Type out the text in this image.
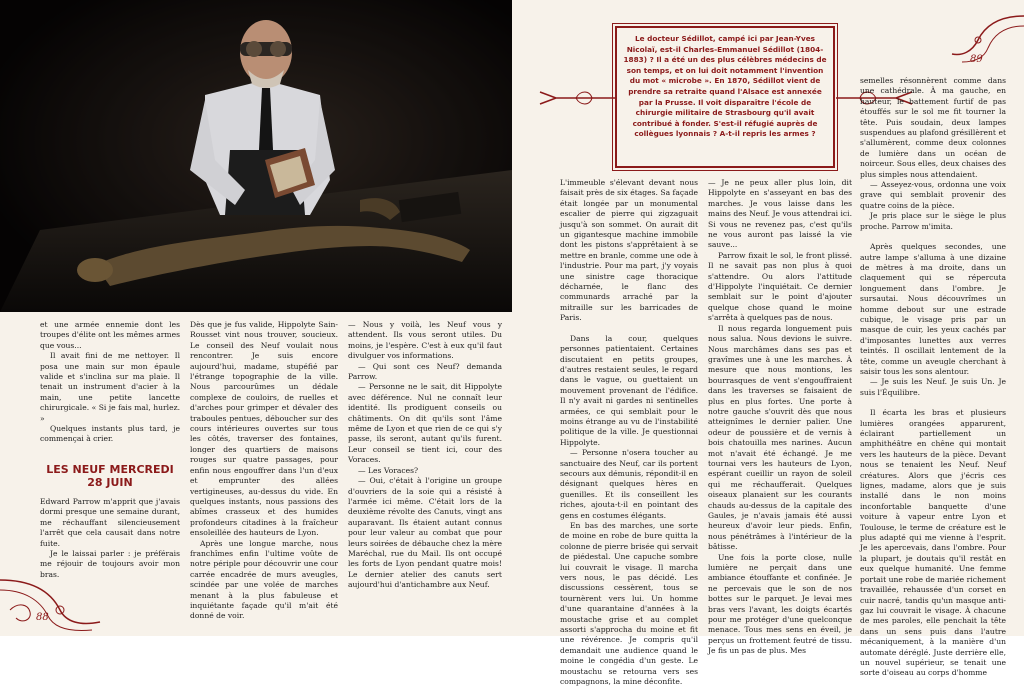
et une armée ennemie dont les troupes d'élite ont les mêmes armes que vous...

Il avait fini de me nettoyer. Il posa une main sur mon épaule valide et s'inclina sur ma plaie. Il tenait un instrument d'acier à la main, une petite lancette chirurgicale. « Si je fais mal, hurlez. »

Quelques instants plus tard, je commençai à crier.

LES NEUF MERCREDI 28 JUIN

Edward Parrow m'apprit que j'avais dormi presque une semaine durant, me réchauffant silencieusement l'arrêt que cela causait dans notre fuite.

Je le laissai parler : je préférais me réjouir de toujours avoir mon bras.

Dès que je fus valide, Hippolyte Sain-Rousset vint nous trouver, soucieux. Le conseil des Neuf voulait nous rencontrer. Je suis encore aujourd'hui, madame, stupéfié par l'étrange topographie de la ville. Nous parcourûmes un dédale complexe de couloirs, de ruelles et d'arches pour grimper et dévaler des traboules pentues, déboucher sur des cours intérieures ouvertes sur tous les côtés, traverser des fontaines, longer des quartiers de maisons rouges sur quatre passages, pour enfin nous engouffrer dans l'un d'eux et emprunter des allées vertigineuses, au-dessus du vide. En quelques instants, nous passions des abîmes crasseux et des humides profondeurs citadines à la fraîcheur ensoleillée des hauteurs de Lyon.

Après une longue marche, nous franchîmes enfin l'ultime voûte de notre périple pour découvrir une cour carrée encadrée de murs aveugles, scindée par une volée de marches menant à la plus fabuleuse et inquiétante façade qu'il m'ait été donné de voir.

— Nous y voilà, les Neuf vous y attendent. Ils vous seront utiles. Du moins, je l'espère. C'est à eux qu'il faut divulguer vos informations.

— Qui sont ces Neuf? demanda Parrow.

— Personne ne le sait, dit Hippolyte avec déférence. Nul ne connaît leur identité. Ils prodiguent conseils ou châtiments. On dit qu'ils sont l'âme même de Lyon et que rien de ce qui s'y passe, ils seront, autant qu'ils furent. Leur conseil se tient ici, cour des Voraces.

— Les Voraces?

— Oui, c'était à l'origine un groupe d'ouvriers de la soie qui a résisté à l'armée ici même. C'était lors de la deuxième révolte des Canuts, vingt ans auparavant. Ils étaient autant connus pour leur valeur au combat que pour leurs soirées de débauche chez la mère Maréchal, rue du Mail. Ils ont occupé les forts de Lyon pendant quatre mois! Le dernier atelier des canuts sert aujourd'hui d'antichambre aux Neuf.

88
89
Le docteur Sédillot, campé ici par Jean-Yves Nicolaï, est-il Charles-Emmanuel Sédillot (1804-1883) ? Il a été un des plus célèbres médecins de son temps, et on lui doit notamment l'invention du mot « microbe ». En 1870, Sédillot vient de prendre sa retraite quand l'Alsace est annexée par la Prusse. Il voit disparaître l'école de chirurgie militaire de Strasbourg qu'il avait contribué à fonder. S'est-il réfugié auprès de collègues lyonnais ? A-t-il repris les armes ?

L'immeuble s'élevant devant nous faisait près de six étages. Sa façade était longée par un monumental escalier de pierre qui zigzaguait jusqu'à son sommet. On aurait dit un gigantesque machine immobile dont les pistons s'apprêtaient à se mettre en branle, comme une ode à l'industrie. Pour ma part, j'y voyais une sinistre cage thoracique décharnée, le flanc des communards arraché par la mitraille sur les barricades de Paris.

Dans la cour, quelques personnes patientaient. Certaines discutaient en petits groupes, d'autres restaient seules, le regard dans le vague, ou guettaient un mouvement provenant de l'édifice. Il n'y avait ni gardes ni sentinelles armées, ce qui semblait pour le moins étrange au vu de l'instabilité politique de la ville. Je questionnai Hippolyte.

— Personne n'osera toucher au sanctuaire des Neuf, car ils portent secours aux démunis, répondit-il en désignant quelques hères en guenilles. Et ils conseillent les riches, ajouta-t-il en pointant des gens en costumes élégants.

En bas des marches, une sorte de moine en robe de bure quitta la colonne de pierre brisée qui servait de piédestal. Une capuche sombre lui couvrait le visage. Il marcha vers nous, le pas décidé. Les discussions cessèrent, tous se tournèrent vers lui. Un homme d'une quarantaine d'années à la moustache grise et au complet assorti s'approcha du moine et fit une révérence. Je compris qu'il demandait une audience quand le moine le congédia d'un geste. Le moustachu se retourna vers ses compagnons, la mine déconfite.

— Je ne peux aller plus loin, dit Hippolyte en s'asseyant en bas des marches. Je vous laisse dans les mains des Neuf. Je vous attendrai ici. Si vous ne revenez pas, c'est qu'ils ne vous auront pas laissé la vie sauve...

Parrow fixait le sol, le front plissé. Il ne savait pas non plus à quoi s'attendre. Ou alors l'attitude d'Hippolyte l'inquiétait. Ce dernier semblait sur le point d'ajouter quelque chose quand le moine s'arrêta à quelques pas de nous.

Il nous regarda longuement puis nous salua. Nous devions le suivre. Nous marchâmes dans ses pas et gravîmes une à une les marches. À mesure que nous montions, les bourrasques de vent s'engouffraient dans les traverses se faisaient de plus en plus fortes. Une porte à notre gauche s'ouvrit dès que nous atteignîmes le dernier palier. Une odeur de poussière et de vernis à bois chatouilla mes narines. Aucun mot n'avait été échangé. Je me tournai vers les hauteurs de Lyon, espérant cueillir un rayon de soleil qui me réchaufferait. Quelques oiseaux planaient sur les courants chauds au-dessus de la capitale des Gaules, je n'avais jamais été aussi heureux d'avoir leur pieds. Enfin, nous pénétrâmes à l'intérieur de la bâtisse.

Une fois la porte close, nulle lumière ne perçait dans une ambiance étouffante et confinée. Je ne percevais que le son de nos bottes sur le parquet. Je levai mes bras vers l'avant, les doigts écartés pour me protéger d'une quelconque menace. Tous mes sens en éveil, je perçus un frottement feutré de tissu. Je fis un pas de plus. Mes

semelles résonnèrent comme dans une cathédrale. À ma gauche, en hauteur, le battement furtif de pas étouffés sur le sol me fit tourner la tête. Puis soudain, deux lampes suspendues au plafond grésillèrent et s'allumèrent, comme deux colonnes de lumière dans un océan de noirceur. Sous elles, deux chaises des plus simples nous attendaient.

— Asseyez-vous, ordonna une voix grave qui semblait provenir des quatre coins de la pièce.

Je pris place sur le siège le plus proche. Parrow m'imita.

Après quelques secondes, une autre lampe s'alluma à une dizaine de mètres à ma droite, dans un claquement qui se répercuta longuement dans l'ombre. Je sursautai. Nous découvrîmes un homme debout sur une estrade cubique, le visage pris par un masque de cuir, les yeux cachés par d'imposantes lunettes aux verres teintés. Il oscillait lentement de la tête, comme un aveugle cherchant à saisir tous les sons alentour.

— Je suis les Neuf. Je suis Un. Je suis l'Équilibre.

Il écarta les bras et plusieurs lumières orangées apparurent, éclairant partiellement un amphithéâtre en chêne qui montait vers les hauteurs de la pièce. Devant nous se tenaient les Neuf. Neuf créatures. Alors que j'écris ces lignes, madame, alors que je suis installé dans le non moins inconfortable banquette d'une voiture à vapeur entre Lyon et Toulouse, le terme de créature est le plus adapté qui me vienne à l'esprit. Je les apercevais, dans l'ombre. Pour la plupart, je doutais qu'il restât en eux quelque humanité. Une femme portait une robe de mariée richement travaillée, rehaussée d'un corset en cuir nacré, tandis qu'un masque anti-gaz lui couvrait le visage. À chacune de mes paroles, elle penchait la tête dans un sens puis dans l'autre mécaniquement, à la manière d'un automate déréglé. Juste derrière elle, un nouvel supérieur, se tenait une sorte d'oiseau au corps d'homme
